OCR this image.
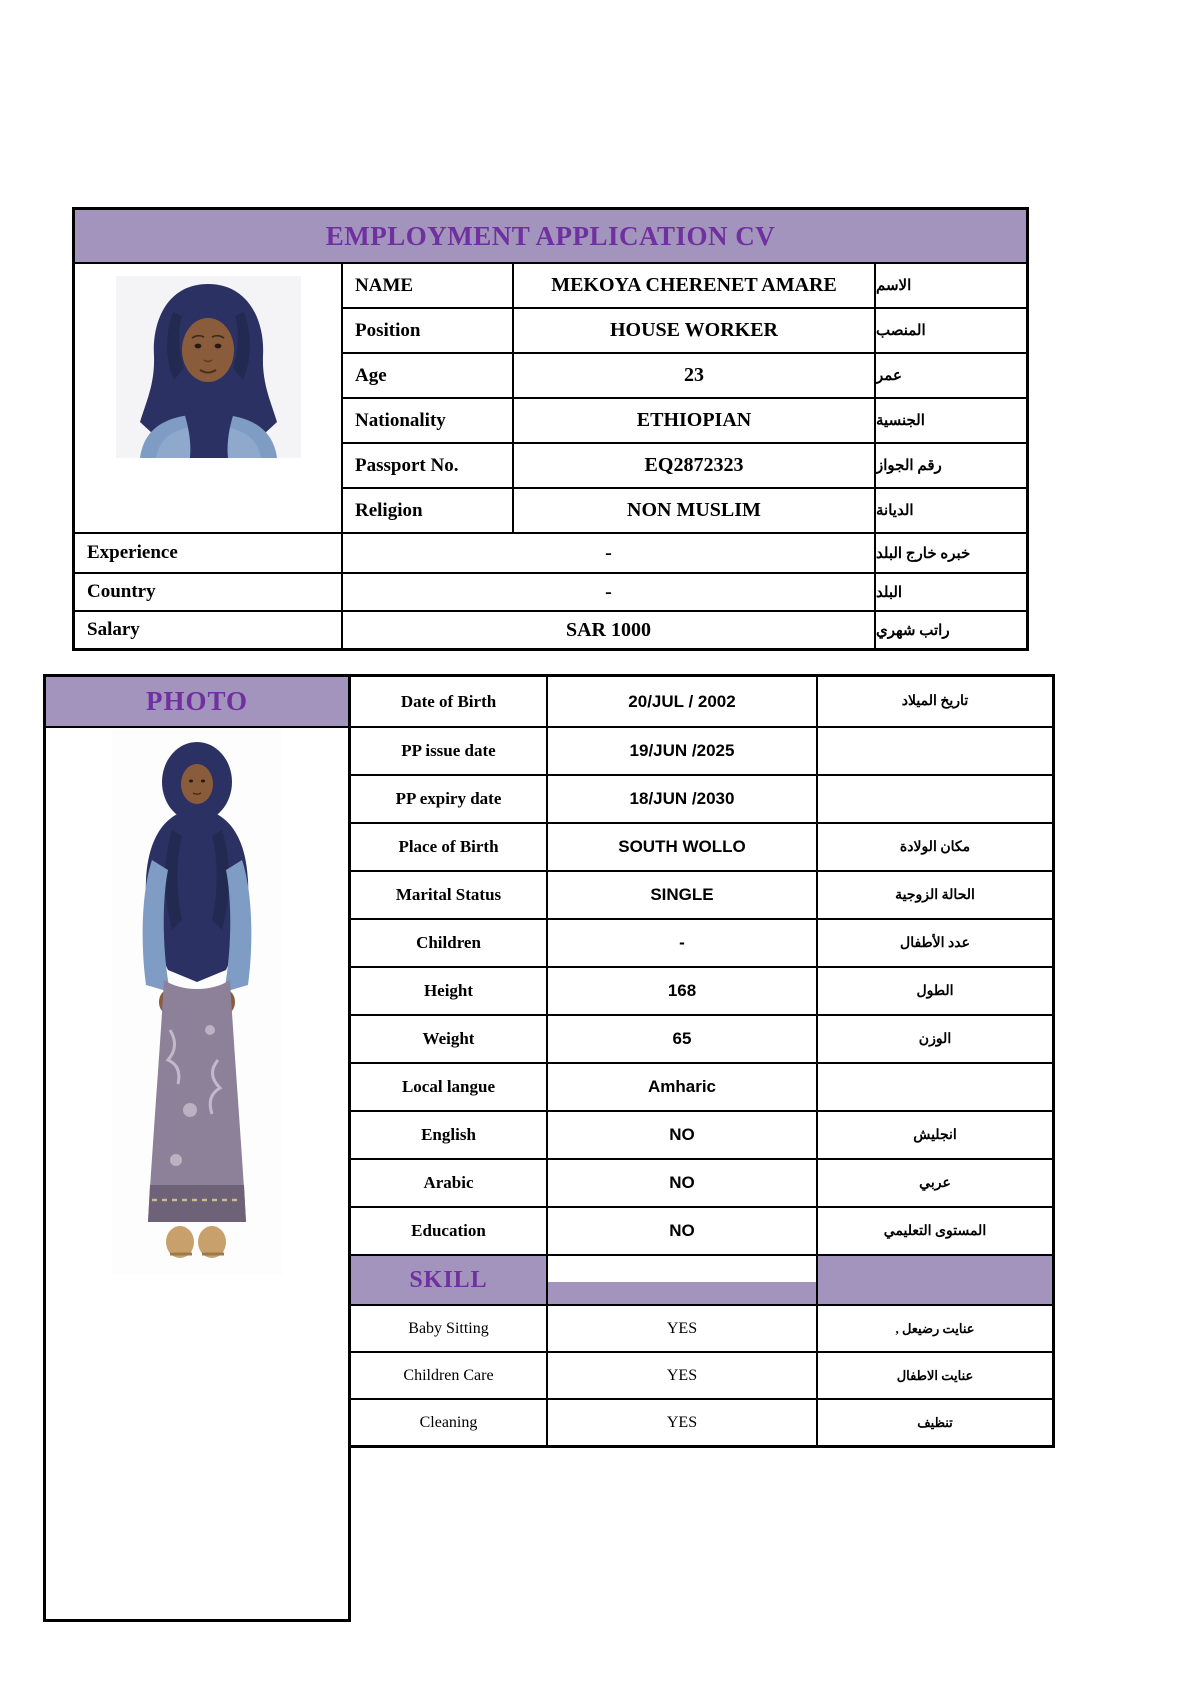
EMPLOYMENT APPLICATION CV
NAME	MEKOYA CHERENET AMARE	الاسم
Position	HOUSE WORKER	المنصب
Age	23	عمر
Nationality	ETHIOPIAN	الجنسية
Passport No.	EQ2872323	رقم الجواز
Religion	NON MUSLIM	الديانة
Experience	-	خبره خارج البلد
Country	-	البلد
Salary	SAR 1000	راتب شهري
PHOTO	Date of Birth	20/JUL / 2002	تاريخ الميلاد
PP issue date	19/JUN /2025
PP expiry date	18/JUN /2030
Place of Birth	SOUTH WOLLO	مكان الولادة
Marital Status	SINGLE	الحالة الزوجية
Children	-	عدد الأطفال
Height	168	الطول
Weight	65	الوزن
Local langue	Amharic
English	NO	انجليش
Arabic	NO	عربي
Education	NO	المستوى التعليمي
SKILL
Baby Sitting	YES	عنايت رضيعل ,
Children Care	YES	عنايت الاطفال
Cleaning	YES	تنظيف
